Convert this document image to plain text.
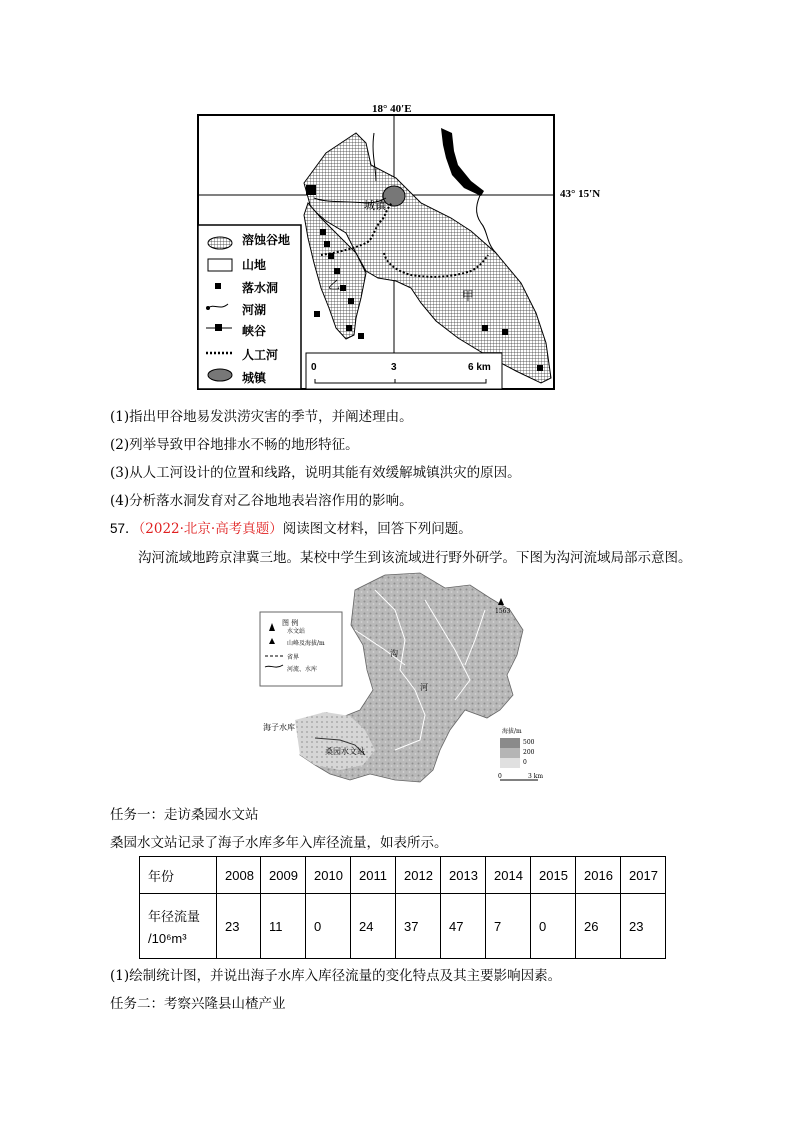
溶蚀谷地
山地
落水洞
河湖
峡谷
人工河
城镇
18° 40′E
43° 15′N
城镇
甲
乙
0	3	6 km
(1)指出甲谷地易发洪涝灾害的季节，并阐述理由。
(2)列举导致甲谷地排水不畅的地形特征。
(3)从人工河设计的位置和线路，说明其能有效缓解城镇洪灾的原因。
(4)分析落水洞发育对乙谷地地表岩溶作用的影响。
57．（2022·北京·高考真题）阅读图文材料，回答下列问题。
沟河流域地跨京津冀三地。某校中学生到该流域进行野外研学。下图为沟河流域局部示意图。
图 例
水文站
山峰及海拔/m
省界
河流、水库
1563
海子水库
桑园水文站
沟
河
海拔/m
500
200
0
0	3 km
任务一：走访桑园水文站
桑园水文站记录了海子水库多年入库径流量，如表所示。
年份	2008	2009	2010	2011	2012	2013	2014	2015	2016	2017

年径流量
/10⁶m³	23	11	0	24	37	47	7	0	26	23
(1)绘制统计图，并说出海子水库入库径流量的变化特点及其主要影响因素。
任务二：考察兴隆县山楂产业
